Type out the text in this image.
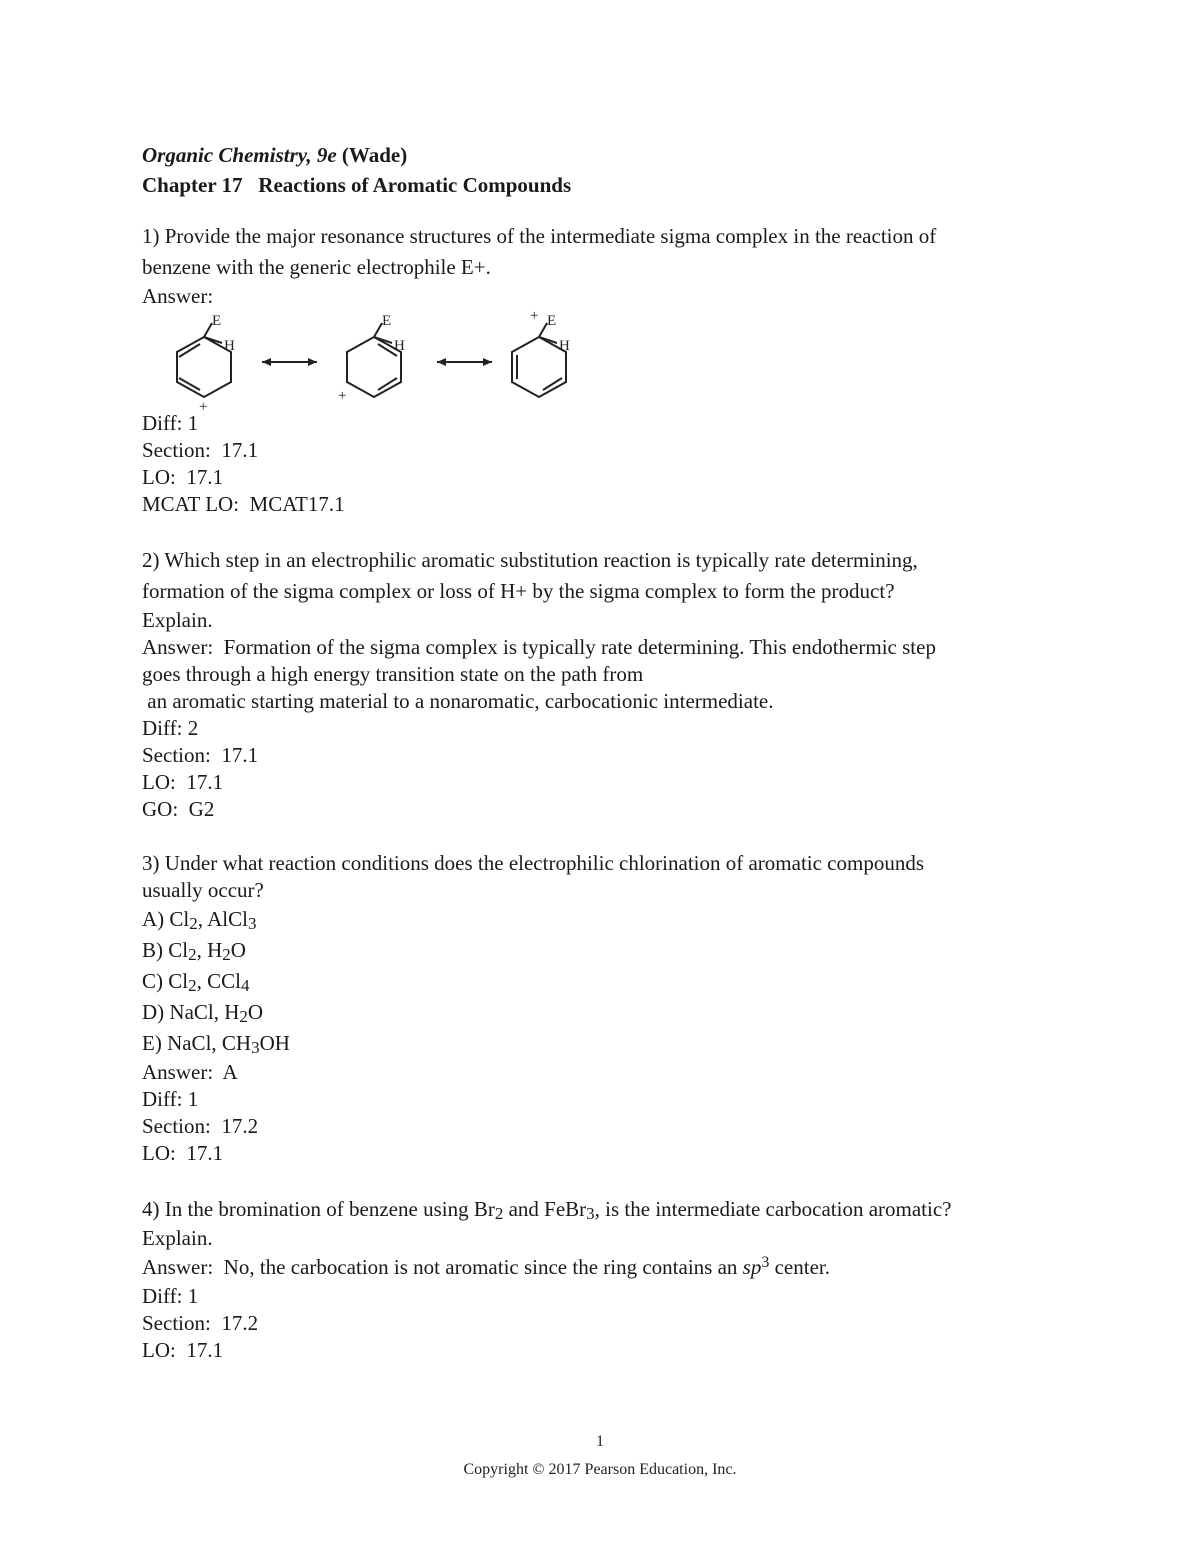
Organic Chemistry, 9e (Wade)
Chapter 17   Reactions of Aromatic Compounds
1) Provide the major resonance structures of the intermediate sigma complex in the reaction of
benzene with the generic electrophile E+.
Answer:
E
H
+
E
H
+
+ E
H
Diff: 1
Section:  17.1
LO:  17.1
MCAT LO:  MCAT17.1
2) Which step in an electrophilic aromatic substitution reaction is typically rate determining,
formation of the sigma complex or loss of H+ by the sigma complex to form the product?
Explain.
Answer:  Formation of the sigma complex is typically rate determining. This endothermic step
goes through a high energy transition state on the path from
an aromatic starting material to a nonaromatic, carbocationic intermediate.
Diff: 2
Section:  17.1
LO:  17.1
GO:  G2
3) Under what reaction conditions does the electrophilic chlorination of aromatic compounds
usually occur?
A) Cl2, AlCl3
B) Cl2, H2O
C) Cl2, CCl4
D) NaCl, H2O
E) NaCl, CH3OH
Answer:  A
Diff: 1
Section:  17.2
LO:  17.1
4) In the bromination of benzene using Br2 and FeBr3, is the intermediate carbocation aromatic?
Explain.
Answer:  No, the carbocation is not aromatic since the ring contains an $sp^3$ center.
Diff: 1
Section:  17.2
LO:  17.1
1
Copyright © 2017 Pearson Education, Inc.
